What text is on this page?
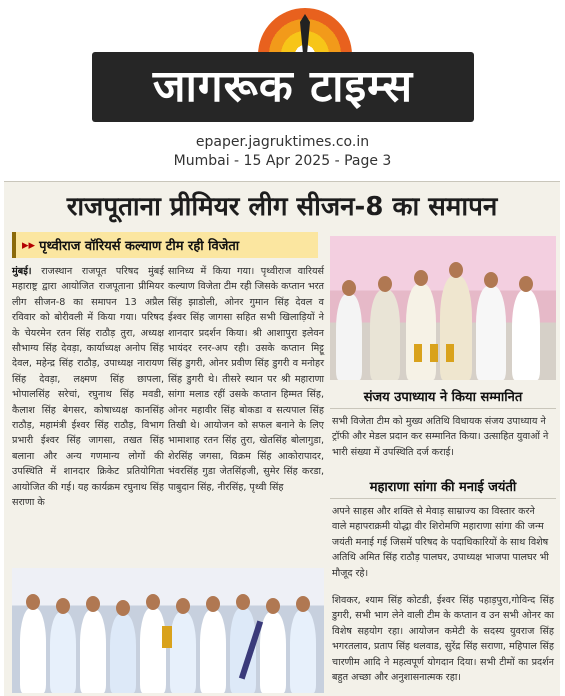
जागरूक टाइम्स
epaper.jagruktimes.co.in
Mumbai - 15 Apr 2025 - Page 3
राजपूताना प्रीमियर लीग सीजन-8 का समापन
▸▸ पृथ्वीराज वॉरियर्स कल्याण टीम रही विजेता
मुंबई। राजस्थान राजपूत परिषद मुंबई महाराष्ट्र द्वारा आयोजित राजपूताना प्रीमियर लीग सीजन-8 का समापन 13 अप्रैल रविवार को बोरीवली में किया गया। परिषद के चेयरमेन रतन सिंह राठौड़ तुरा, अध्यक्ष सौभाग्य सिंह देवड़ा, कार्याध्यक्ष अनोप सिंह देवल, महेन्द्र सिंह राठौड़, उपाध्यक्ष नारायण सिंह देवड़ा, लक्ष्मण सिंह छापला, भोपालसिंह सरेचां, रघुनाथ सिंह मवडी, कैलाश सिंह बेगसर, कोषाध्यक्ष कानसिंह राठौड़, महामंत्री ईश्वर सिंह राठौड़, विभाग प्रभारी ईश्वर सिंह जागसा, तखत सिंह बलाना और अन्य गणमान्य लोगों की उपस्थिति में शानदार क्रिकेट प्रतियोगिता आयोजित की गई। यह कार्यक्रम रघुनाथ सिंह सराणा के
सानिध्य में किया गया। पृथ्वीराज वारियर्स कल्याण विजेता टीम रही जिसके कप्तान भरत सिंह झाडोली, ओनर गुमान सिंह देवल व ईश्वर सिंह जागसा सहित सभी खिलाड़ियों ने शानदार प्रदर्शन किया। श्री आशापुरा इलेवन भायंदर रनर-अप रही। उसके कप्तान मिट्टू सिंह डुगरी, ओनर प्रवीण सिंह डुगरी व मनोहर सिंह डुगरी थे। तीसरे स्थान पर श्री महाराणा सांगा मलाड रहीं उसके कप्तान हिम्मत सिंह, ओनर महावीर सिंह बोकडा व सत्यपाल सिंह तिखी थे। आयोजन को सफल बनाने के लिए भामाशाह रतन सिंह तुरा, खेतसिंह बोलागुडा, शेरसिंह जगसा, विक्रम सिंह आकोरापादर, भंवरसिंह गुडा जेतसिंहजी, सुमेर सिंह करडा, पाबुदान सिंह, नीरसिंह, पृथ्वी सिंह
संजय उपाध्याय ने किया सम्मानित
सभी विजेता टीम को मुख्य अतिथि विधायक संजय उपाध्याय ने ट्रॉफी और मेडल प्रदान कर सम्मानित किया। उत्साहित युवाओं ने भारी संख्या में उपस्थिति दर्ज कराई।
महाराणा सांगा की मनाई जयंती
अपने साहस और शक्ति से मेवाड़ साम्राज्य का विस्तार करने वाले महापराक्रमी योद्धा वीर शिरोमणि महाराणा सांगा की जन्म जयंती मनाई गई जिसमें परिषद के पदाधिकारियों के साथ विशेष अतिथि अमित सिंह राठौड़ पालघर, उपाध्यक्ष भाजपा पालघर भी मौजूद रहे।
शिवकर, श्याम सिंह कोटडी, ईश्वर सिंह पहाड़पुरा,गोविन्द सिंह डुगरी, सभी भाग लेने वाली टीम के कप्तान व उन सभी ओनर का विशेष सहयोग रहा। आयोजन कमेटी के सदस्य युवराज सिंह भगरतलाव, प्रताप सिंह थलवाड, सुरेंद्र सिंह सराणा, महिपाल सिंह चारणीम आदि ने महत्वपूर्ण योगदान दिया। सभी टीमों का प्रदर्शन बहुत अच्छा और अनुशासनात्मक रहा।
